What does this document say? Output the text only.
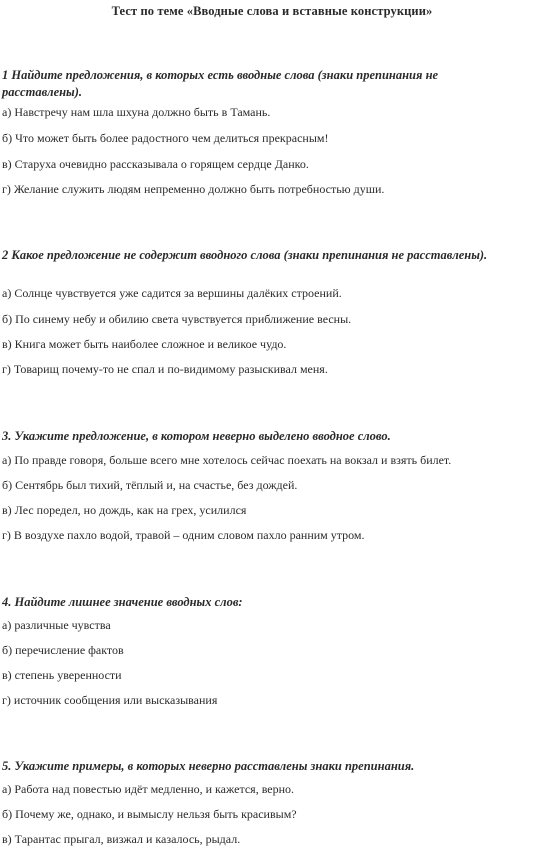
Тест по теме «Вводные слова и вставные конструкции»
1 Найдите предложения, в которых есть вводные слова (знаки препинания не расставлены).
а) Навстречу нам шла шхуна должно быть в Тамань.
б) Что может быть более радостного чем делиться прекрасным!
в) Старуха очевидно рассказывала о горящем сердце Данко.
г) Желание служить людям непременно должно быть потребностью души.
2 Какое предложение не содержит вводного слова (знаки препинания не расставлены).
а) Солнце чувствуется уже садится за вершины далёких строений.
б) По синему небу и обилию света чувствуется приближение весны.
в) Книга может быть наиболее сложное и великое чудо.
г) Товарищ почему-то не спал и по-видимому разыскивал меня.
3. Укажите предложение, в котором неверно выделено вводное слово.
а) По правде говоря, больше всего мне хотелось сейчас поехать на вокзал и взять билет.
б) Сентябрь был тихий, тёплый и, на счастье, без дождей.
в) Лес поредел, но дождь, как на грех, усилился
г) В воздухе пахло водой, травой – одним словом пахло ранним утром.
4. Найдите лишнее значение вводных слов:
а) различные чувства
б) перечисление фактов
в) степень уверенности
г) источник сообщения или высказывания
5. Укажите примеры, в которых неверно расставлены знаки препинания.
а) Работа над повестью идёт медленно, и кажется, верно.
б) Почему же, однако, и вымыслу нельзя быть красивым?
в) Тарантас прыгал, визжал и казалось, рыдал.
